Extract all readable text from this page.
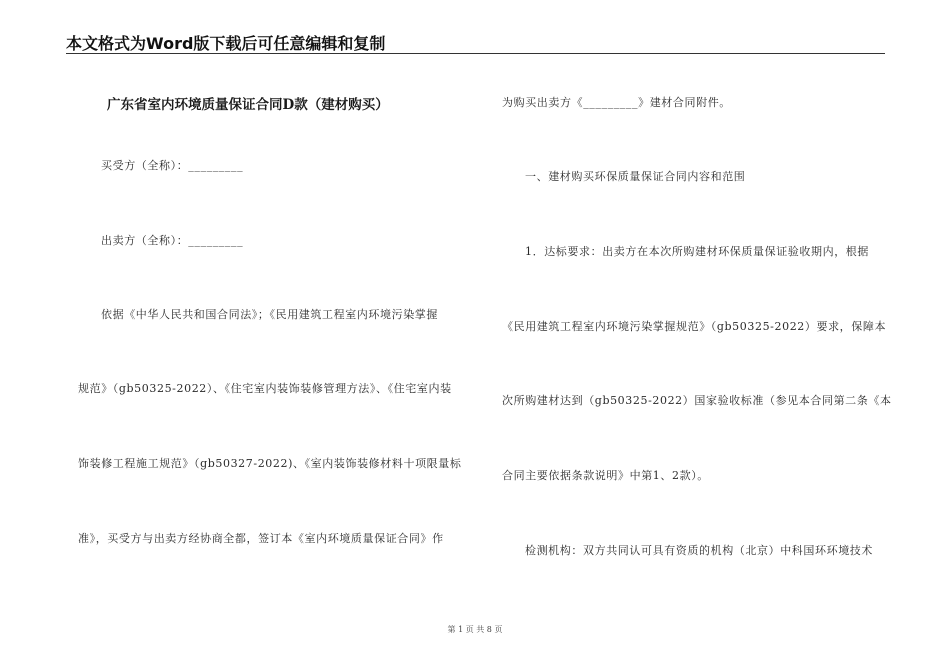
本文格式为Word版下载后可任意编辑和复制
广东省室内环境质量保证合同D款（建材购买）
买受方（全称）：_________
出卖方（全称）：_________
依据《中华人民共和国合同法》；《民用建筑工程室内环境污染掌握
规范》（gb50325-2022）、《住宅室内装饰装修管理方法》、《住宅室内装
饰装修工程施工规范》（gb50327-2022)、《室内装饰装修材料十项限量标
准》，买受方与出卖方经协商全都，签订本《室内环境质量保证合同》作
为购买出卖方《_________》建材合同附件。
一、建材购买环保质量保证合同内容和范围
1．达标要求：出卖方在本次所购建材环保质量保证验收期内，根据
《民用建筑工程室内环境污染掌握规范》（gb50325-2022）要求，保障本
次所购建材达到（gb50325-2022）国家验收标准（参见本合同第二条《本
合同主要依据条款说明》中第1、2款）。
检测机构：双方共同认可具有资质的机构（北京）中科国环环境技术
第 1 页 共 8 页
